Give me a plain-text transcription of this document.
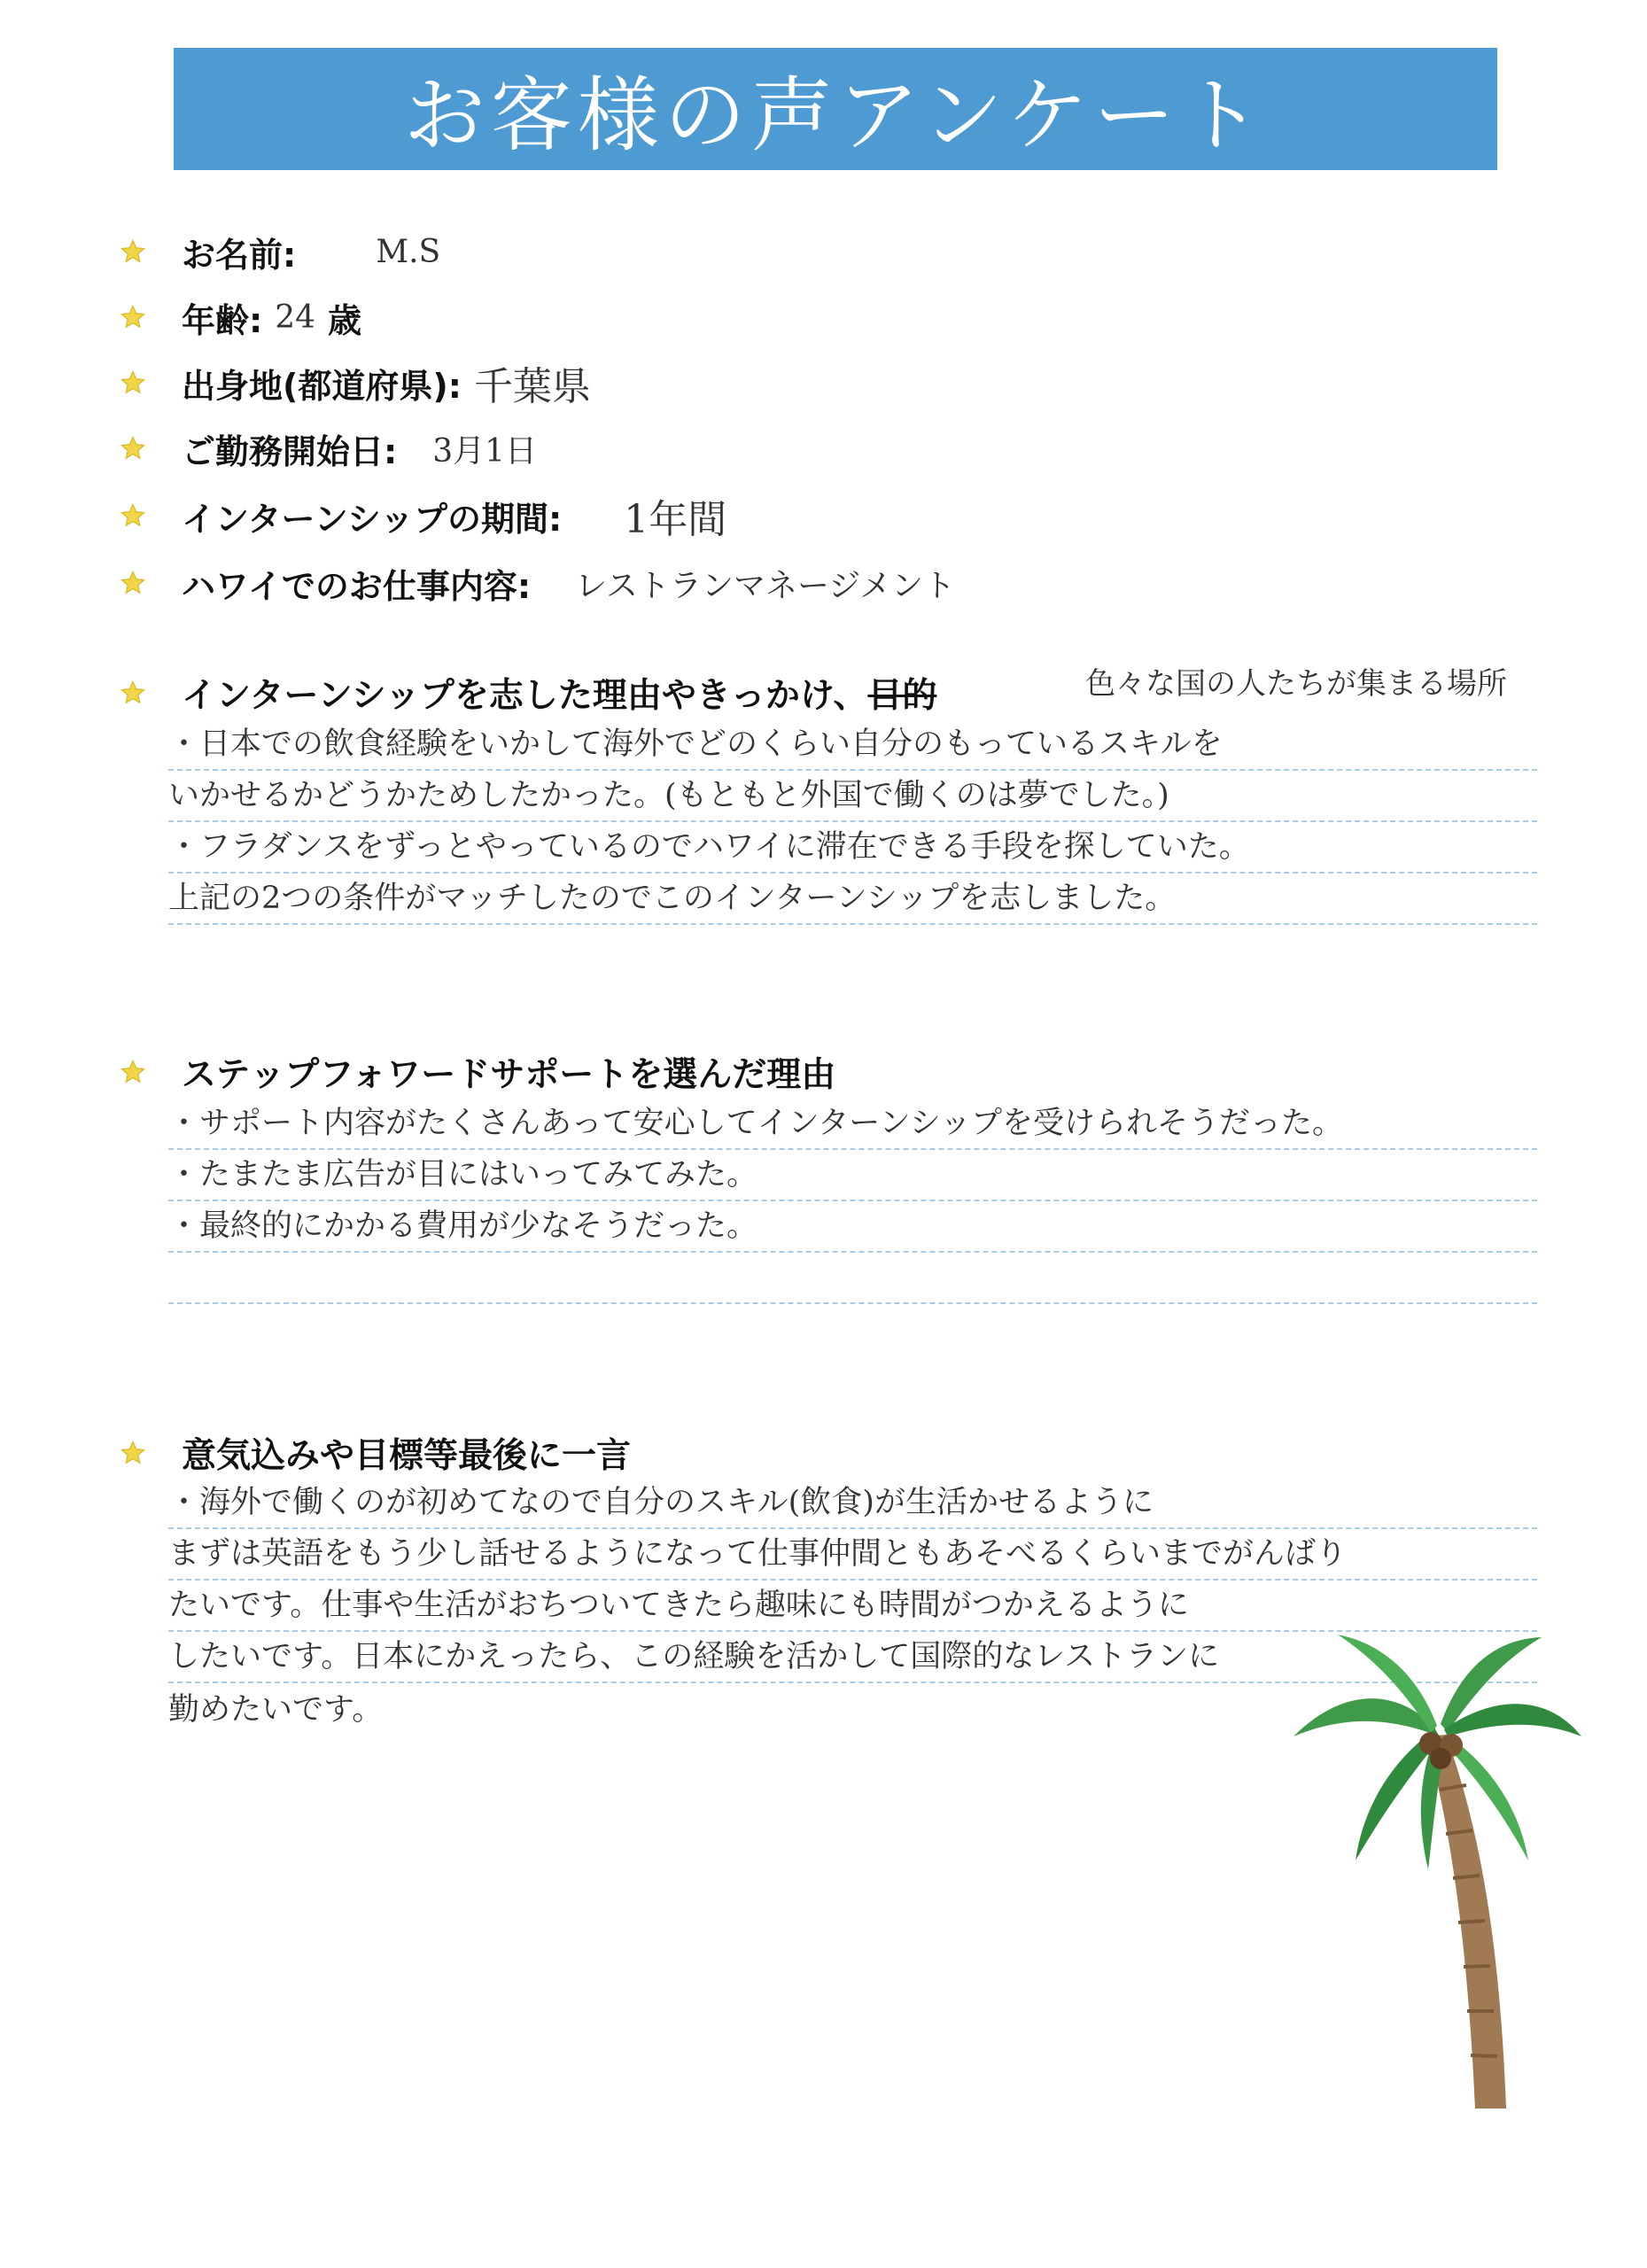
お客様の声アンケート
お名前:	M.S
年齢: 24 歳
出身地(都道府県): 千葉県
ご勤務開始日: 3月1日
インターンシップの期間: 1年間
ハワイでのお仕事内容: レストランマネージメント
インターンシップを志した理由やきっかけ、 目的	色々な国の人たちが集まる場所
・日本での飲食経験をいかして海外でどのくらい自分のもっているスキルを
いかせるかどうかためしたかった。(もともと外国で働くのは夢でした。)
・フラダンスをずっとやっているのでハワイに滞在できる手段を探していた。
上記の2つの条件がマッチしたのでこのインターンシップを志しました。
ステップフォワードサポートを選んだ理由
・サポート内容がたくさんあって安心してインターンシップを受けられそうだった。
・たまたま広告が目にはいってみてみた。
・最終的にかかる費用が少なそうだった。
意気込みや目標等最後に一言
・海外で働くのが初めてなので自分のスキル(飲食)が生活かせるように
まずは英語をもう少し話せるようになって仕事仲間ともあそべるくらいまでがんばり
たいです。仕事や生活がおちついてきたら趣味にも時間がつかえるように
したいです。日本にかえったら、この経験を活かして国際的なレストランに
勤めたいです。
